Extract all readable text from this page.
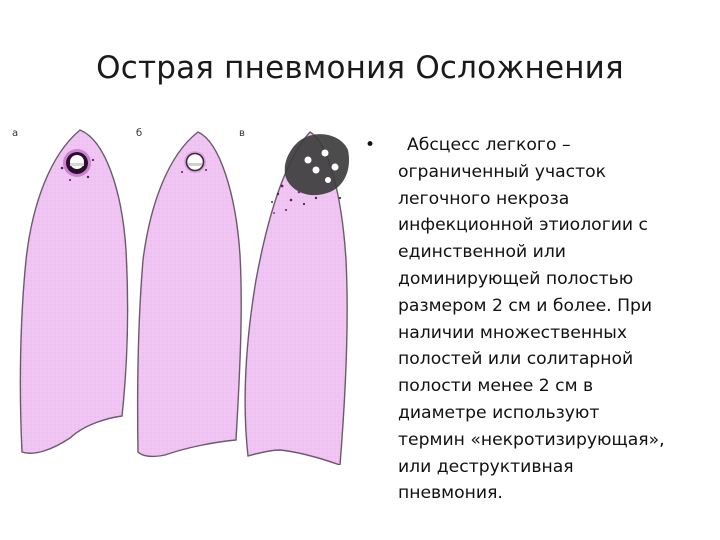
Острая пневмония Осложнения
а	б	в
•	Абсцесс легкого –
ограниченный участок
легочного некроза
инфекционной этиологии с
единственной или
доминирующей полостью
размером 2 см и более. При
наличии множественных
полостей или солитарной
полости менее 2 см в
диаметре используют
термин «некротизирующая»,
или деструктивная
пневмония.
